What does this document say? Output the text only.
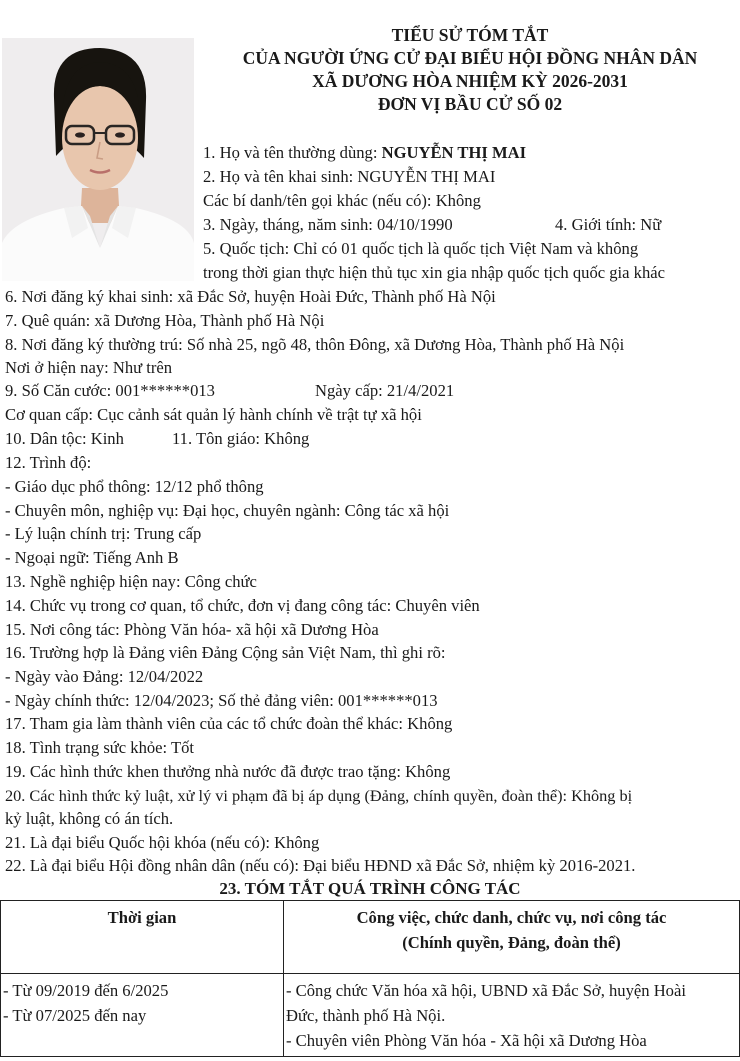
TIỂU SỬ TÓM TẮT
CỦA NGƯỜI ỨNG CỬ ĐẠI BIỂU HỘI ĐỒNG NHÂN DÂN
XÃ DƯƠNG HÒA NHIỆM KỲ 2026-2031
ĐƠN VỊ BẦU CỬ SỐ 02
1. Họ và tên thường dùng: NGUYỄN THỊ MAI
2. Họ và tên khai sinh: NGUYỄN THỊ MAI
Các bí danh/tên gọi khác (nếu có): Không
3. Ngày, tháng, năm sinh: 04/10/1990	4. Giới tính: Nữ
5. Quốc tịch: Chỉ có 01 quốc tịch là quốc tịch Việt Nam và không
trong thời gian thực hiện thủ tục xin gia nhập quốc tịch quốc gia khác
6. Nơi đăng ký khai sinh: xã Đắc Sở, huyện Hoài Đức, Thành phố Hà Nội
7. Quê quán: xã Dương Hòa, Thành phố Hà Nội
8. Nơi đăng ký thường trú: Số nhà 25, ngõ 48, thôn Đông, xã Dương Hòa, Thành phố Hà Nội
Nơi ở hiện nay: Như trên
9. Số Căn cước: 001******013	Ngày cấp: 21/4/2021
Cơ quan cấp: Cục cảnh sát quản lý hành chính về trật tự xã hội
10. Dân tộc: Kinh	11. Tôn giáo: Không
12. Trình độ:
- Giáo dục phổ thông: 12/12 phổ thông
- Chuyên môn, nghiệp vụ: Đại học, chuyên ngành: Công tác xã hội
- Lý luận chính trị: Trung cấp
- Ngoại ngữ: Tiếng Anh B
13. Nghề nghiệp hiện nay: Công chức
14. Chức vụ trong cơ quan, tổ chức, đơn vị đang công tác: Chuyên viên
15. Nơi công tác: Phòng Văn hóa- xã hội xã Dương Hòa
16. Trường hợp là Đảng viên Đảng Cộng sản Việt Nam, thì ghi rõ:
- Ngày vào Đảng: 12/04/2022
- Ngày chính thức: 12/04/2023; Số thẻ đảng viên: 001******013
17. Tham gia làm thành viên của các tổ chức đoàn thể khác: Không
18. Tình trạng sức khỏe: Tốt
19. Các hình thức khen thưởng nhà nước đã được trao tặng: Không
20. Các hình thức kỷ luật, xử lý vi phạm đã bị áp dụng (Đảng, chính quyền, đoàn thể): Không bị
kỷ luật, không có án tích.
21. Là đại biểu Quốc hội khóa (nếu có): Không
22. Là đại biểu Hội đồng nhân dân (nếu có): Đại biểu HĐND xã Đắc Sở, nhiệm kỳ 2016-2021.
23. TÓM TẮT QUÁ TRÌNH CÔNG TÁC
Thời gian	Công việc, chức danh, chức vụ, nơi công tác
(Chính quyền, Đảng, đoàn thể)

- Từ 09/2019 đến 6/2025
- Từ 07/2025 đến nay	- Công chức Văn hóa xã hội, UBND xã Đắc Sở, huyện Hoài
Đức, thành phố Hà Nội.
- Chuyên viên Phòng Văn hóa - Xã hội xã Dương Hòa
